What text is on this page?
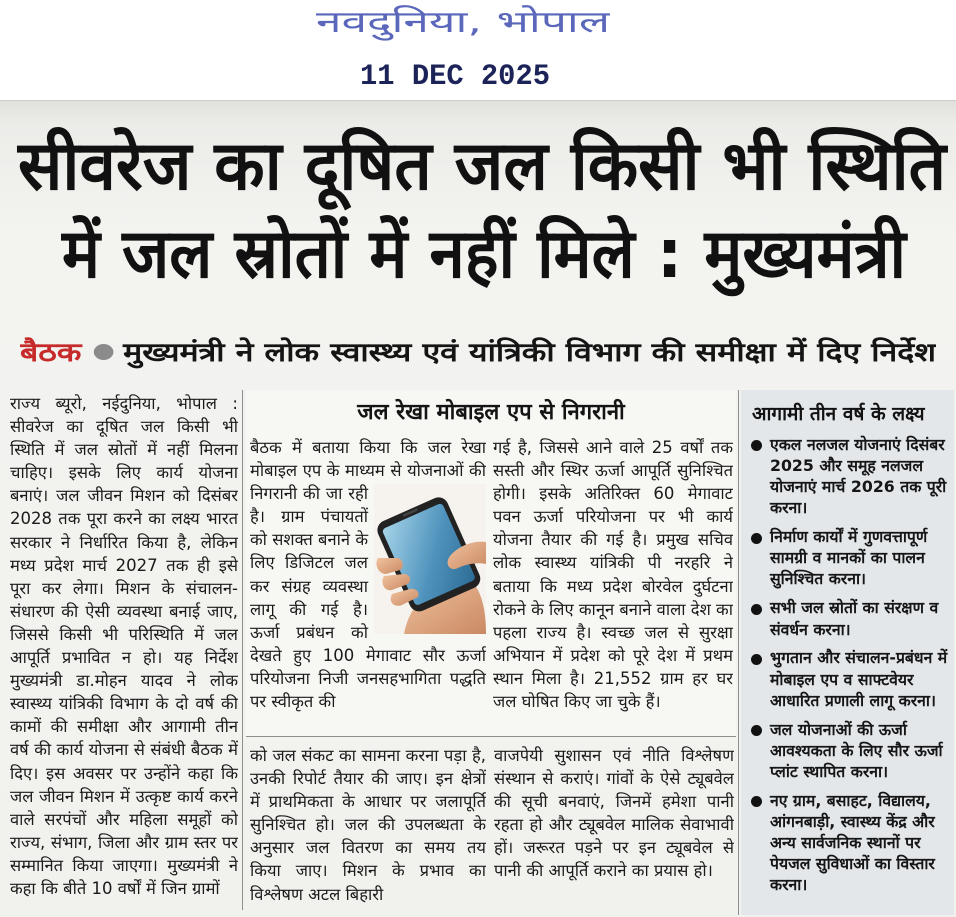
नवदुनिया, भोपाल
11 DEC 2025
सीवरेज का दूषित जल किसी भी स्थिति
में जल स्रोतों में नहीं मिले : मुख्यमंत्री
बैठक मुख्यमंत्री ने लोक स्वास्थ्य एवं यांत्रिकी विभाग की समीक्षा में दिए निर्देश
राज्य ब्यूरो, नईदुनिया, भोपाल : सीवरेज का दूषित जल किसी भी स्थिति में जल स्रोतों में नहीं मिलना चाहिए। इसके लिए कार्य योजना बनाएं। जल जीवन मिशन को दिसंबर 2028 तक पूरा करने का लक्ष्य भारत सरकार ने निर्धारित किया है, लेकिन मध्य प्रदेश मार्च 2027 तक ही इसे पूरा कर लेगा। मिशन के संचालन-संधारण की ऐसी व्यवस्था बनाई जाए, जिससे किसी भी परिस्थिति में जल आपूर्ति प्रभावित न हो। यह निर्देश मुख्यमंत्री डा.मोहन यादव ने लोक स्वास्थ्य यांत्रिकी विभाग के दो वर्ष की कामों की समीक्षा और आगामी तीन वर्ष की कार्य योजना से संबंधी बैठक में दिए। इस अवसर पर उन्होंने कहा कि जल जीवन मिशन में उत्कृष्ट कार्य करने वाले सरपंचों और महिला समूहों को राज्य, संभाग, जिला और ग्राम स्तर पर सम्मानित किया जाएगा। मुख्यमंत्री ने कहा कि बीते 10 वर्षों में जिन ग्रामों
जल रेखा मोबाइल एप से निगरानी
बैठक में बताया किया कि जल रेखा मोबाइल एप के माध्यम से योजनाओं की निगरानी की जा रही है। ग्राम पंचायतों को सशक्त बनाने के लिए डिजिटल जल कर संग्रह व्यवस्था लागू की गई है। ऊर्जा प्रबंधन को देखते हुए 100 मेगावाट सौर ऊर्जा परियोजना निजी जनसहभागिता पद्धति पर स्वीकृत की
गई है, जिससे आने वाले 25 वर्षों तक सस्ती और स्थिर ऊर्जा आपूर्ति सुनिश्चित होगी। इसके अतिरिक्त 60 मेगावाट पवन ऊर्जा परियोजना पर भी कार्य योजना तैयार की गई है। प्रमुख सचिव लोक स्वास्थ्य यांत्रिकी पी नरहरि ने बताया कि मध्य प्रदेश बोरवेल दुर्घटना रोकने के लिए कानून बनाने वाला देश का पहला राज्य है। स्वच्छ जल से सुरक्षा अभियान में प्रदेश को पूरे देश में प्रथम स्थान मिला है। 21,552 ग्राम हर घर जल घोषित किए जा चुके हैं।
को जल संकट का सामना करना पड़ा है, उनकी रिपोर्ट तैयार की जाए। इन क्षेत्रों में प्राथमिकता के आधार पर जलापूर्ति सुनिश्चित हो। जल की उपलब्धता के अनुसार जल वितरण का समय तय किया जाए। मिशन के प्रभाव का विश्लेषण अटल बिहारी
वाजपेयी सुशासन एवं नीति विश्लेषण संस्थान से कराएं। गांवों के ऐसे ट्यूबवेल की सूची बनवाएं, जिनमें हमेशा पानी रहता हो और ट्यूबवेल मालिक सेवाभावी हों। जरूरत पड़ने पर इन ट्यूबवेल से पानी की आपूर्ति कराने का प्रयास हो।
आगामी तीन वर्ष के लक्ष्य
एकल नलजल योजनाएं दिसंबर 2025 और समूह नलजल योजनाएं मार्च 2026 तक पूरी करना।
निर्माण कार्यों में गुणवत्तापूर्ण सामग्री व मानकों का पालन सुनिश्चित करना।
सभी जल स्रोतों का संरक्षण व संवर्धन करना।
भुगतान और संचालन-प्रबंधन में मोबाइल एप व साफ्टवेयर आधारित प्रणाली लागू करना।
जल योजनाओं की ऊर्जा आवश्यकता के लिए सौर ऊर्जा प्लांट स्थापित करना।
नए ग्राम, बसाहट, विद्यालय, आंगनबाड़ी, स्वास्थ्य केंद्र और अन्य सार्वजनिक स्थानों पर पेयजल सुविधाओं का विस्तार करना।
